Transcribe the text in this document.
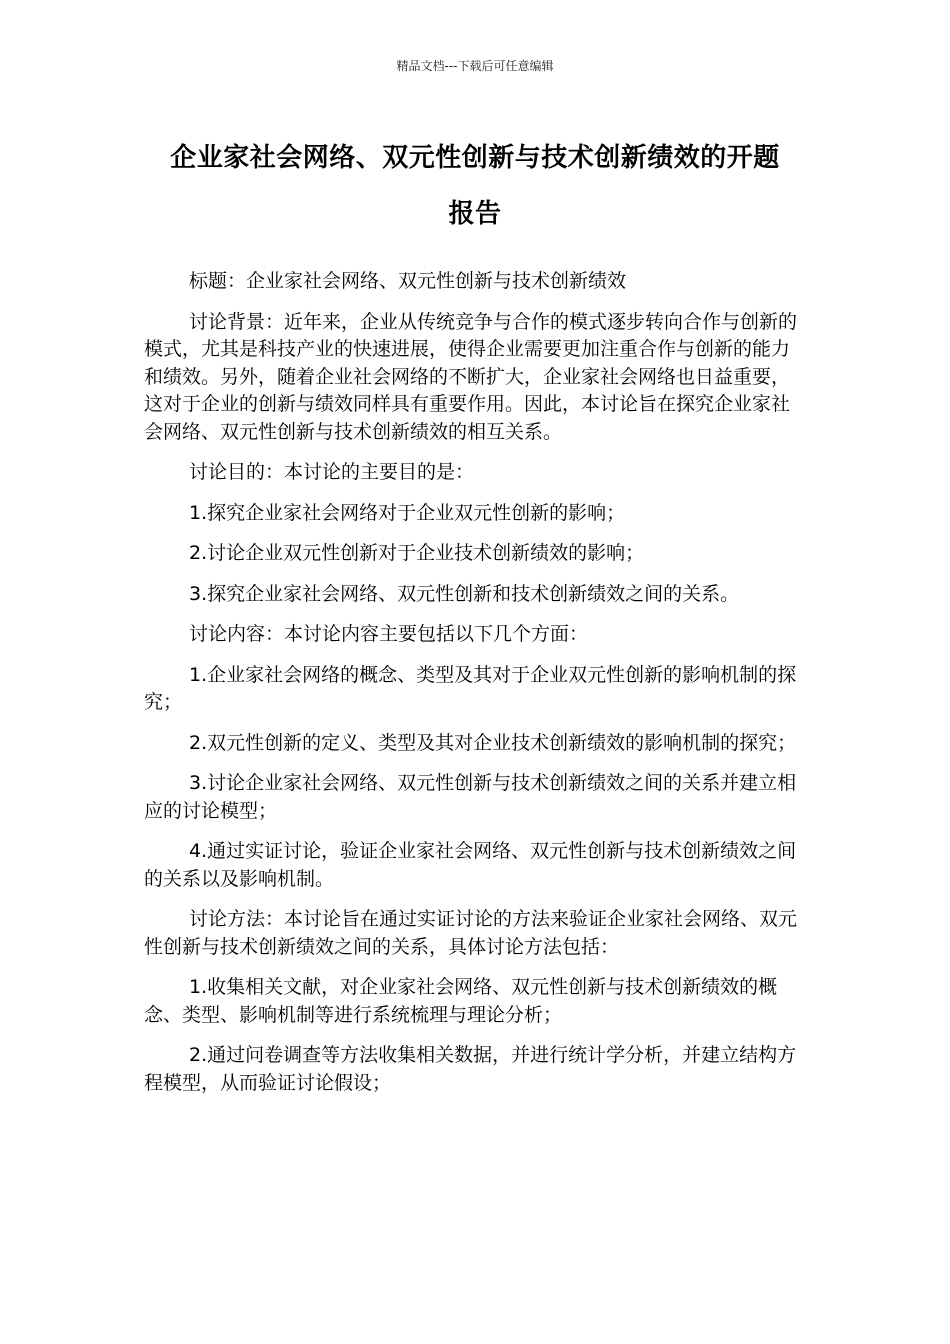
精品文档---下载后可任意编辑
企业家社会网络、双元性创新与技术创新绩效的开题
报告

标题：企业家社会网络、双元性创新与技术创新绩效

讨论背景：近年来，企业从传统竞争与合作的模式逐步转向合作与创新的模式，尤其是科技产业的快速进展，使得企业需要更加注重合作与创新的能力和绩效。另外，随着企业社会网络的不断扩大，企业家社会网络也日益重要，这对于企业的创新与绩效同样具有重要作用。因此，本讨论旨在探究企业家社会网络、双元性创新与技术创新绩效的相互关系。

讨论目的：本讨论的主要目的是：

1.探究企业家社会网络对于企业双元性创新的影响；

2.讨论企业双元性创新对于企业技术创新绩效的影响；

3.探究企业家社会网络、双元性创新和技术创新绩效之间的关系。

讨论内容：本讨论内容主要包括以下几个方面：

1.企业家社会网络的概念、类型及其对于企业双元性创新的影响机制的探究；

2.双元性创新的定义、类型及其对企业技术创新绩效的影响机制的探究；

3.讨论企业家社会网络、双元性创新与技术创新绩效之间的关系并建立相应的讨论模型；

4.通过实证讨论，验证企业家社会网络、双元性创新与技术创新绩效之间的关系以及影响机制。

讨论方法：本讨论旨在通过实证讨论的方法来验证企业家社会网络、双元性创新与技术创新绩效之间的关系，具体讨论方法包括：

1.收集相关文献，对企业家社会网络、双元性创新与技术创新绩效的概念、类型、影响机制等进行系统梳理与理论分析；

2.通过问卷调查等方法收集相关数据，并进行统计学分析，并建立结构方程模型，从而验证讨论假设；
